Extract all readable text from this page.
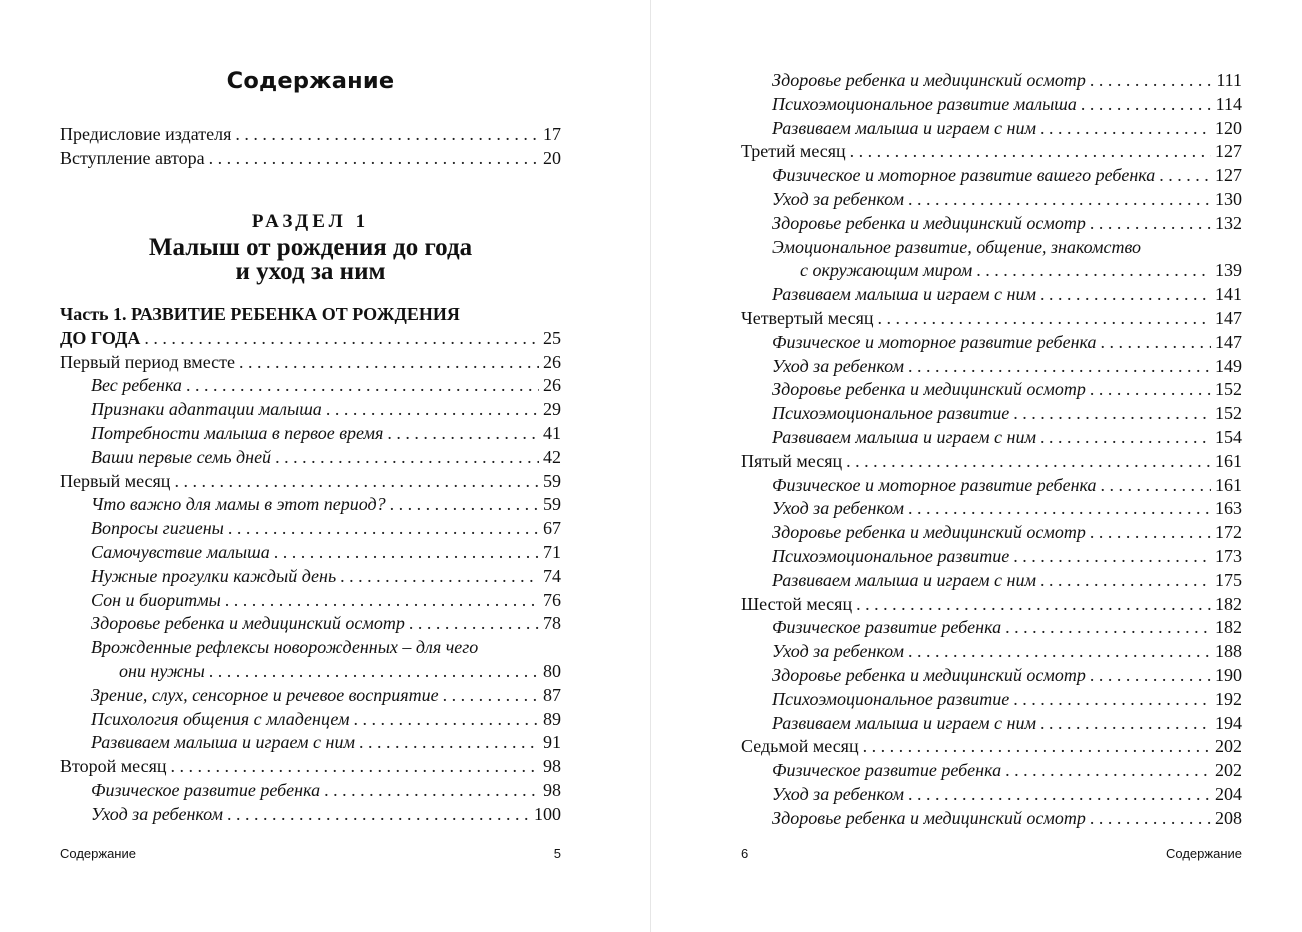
Содержание
Предисловие издателя . . .	17
Вступление автора . . .	20
РАЗДЕЛ 1
Малыш от рождения до года
и уход за ним
Часть 1. РАЗВИТИЕ РЕБЕНКА ОТ РОЖДЕНИЯ
ДО ГОДА . . .	25
Первый период вместе . . .	26
Вес ребенка . . .	26
Признаки адаптации малыша . . .	29
Потребности малыша в первое время . . .	41
Ваши первые семь дней . . .	42
Первый месяц . . .	59
Что важно для мамы в этот период? . . .	59
Вопросы гигиены . . .	67
Самочувствие малыша . . .	71
Нужные прогулки каждый день . . .	74
Сон и биоритмы . . .	76
Здоровье ребенка и медицинский осмотр . . .	78
Врожденные рефлексы новорожденных – для чего
они нужны . . .	80
Зрение, слух, сенсорное и речевое восприятие . . .	87
Психология общения с младенцем . . .	89
Развиваем малыша и играем с ним . . .	91
Второй месяц . . .	98
Физическое развитие ребенка . . .	98
Уход за ребенком . . .	100
Содержание	5
Здоровье ребенка и медицинский осмотр . . .	111
Психоэмоциональное развитие малыша . . .	114
Развиваем малыша и играем с ним . . .	120
Третий месяц . . .	127
Физическое и моторное развитие вашего ребенка . . .	127
Уход за ребенком . . .	130
Здоровье ребенка и медицинский осмотр . . .	132
Эмоциональное развитие, общение, знакомство
с окружающим миром . . .	139
Развиваем малыша и играем с ним . . .	141
Четвертый месяц . . .	147
Физическое и моторное развитие ребенка . . .	147
Уход за ребенком . . .	149
Здоровье ребенка и медицинский осмотр . . .	152
Психоэмоциональное развитие . . .	152
Развиваем малыша и играем с ним . . .	154
Пятый месяц . . .	161
Физическое и моторное развитие ребенка . . .	161
Уход за ребенком . . .	163
Здоровье ребенка и медицинский осмотр . . .	172
Психоэмоциональное развитие . . .	173
Развиваем малыша и играем с ним . . .	175
Шестой месяц . . .	182
Физическое развитие ребенка . . .	182
Уход за ребенком . . .	188
Здоровье ребенка и медицинский осмотр . . .	190
Психоэмоциональное развитие . . .	192
Развиваем малыша и играем с ним . . .	194
Седьмой месяц . . .	202
Физическое развитие ребенка . . .	202
Уход за ребенком . . .	204
Здоровье ребенка и медицинский осмотр . . .	208
6	Содержание
